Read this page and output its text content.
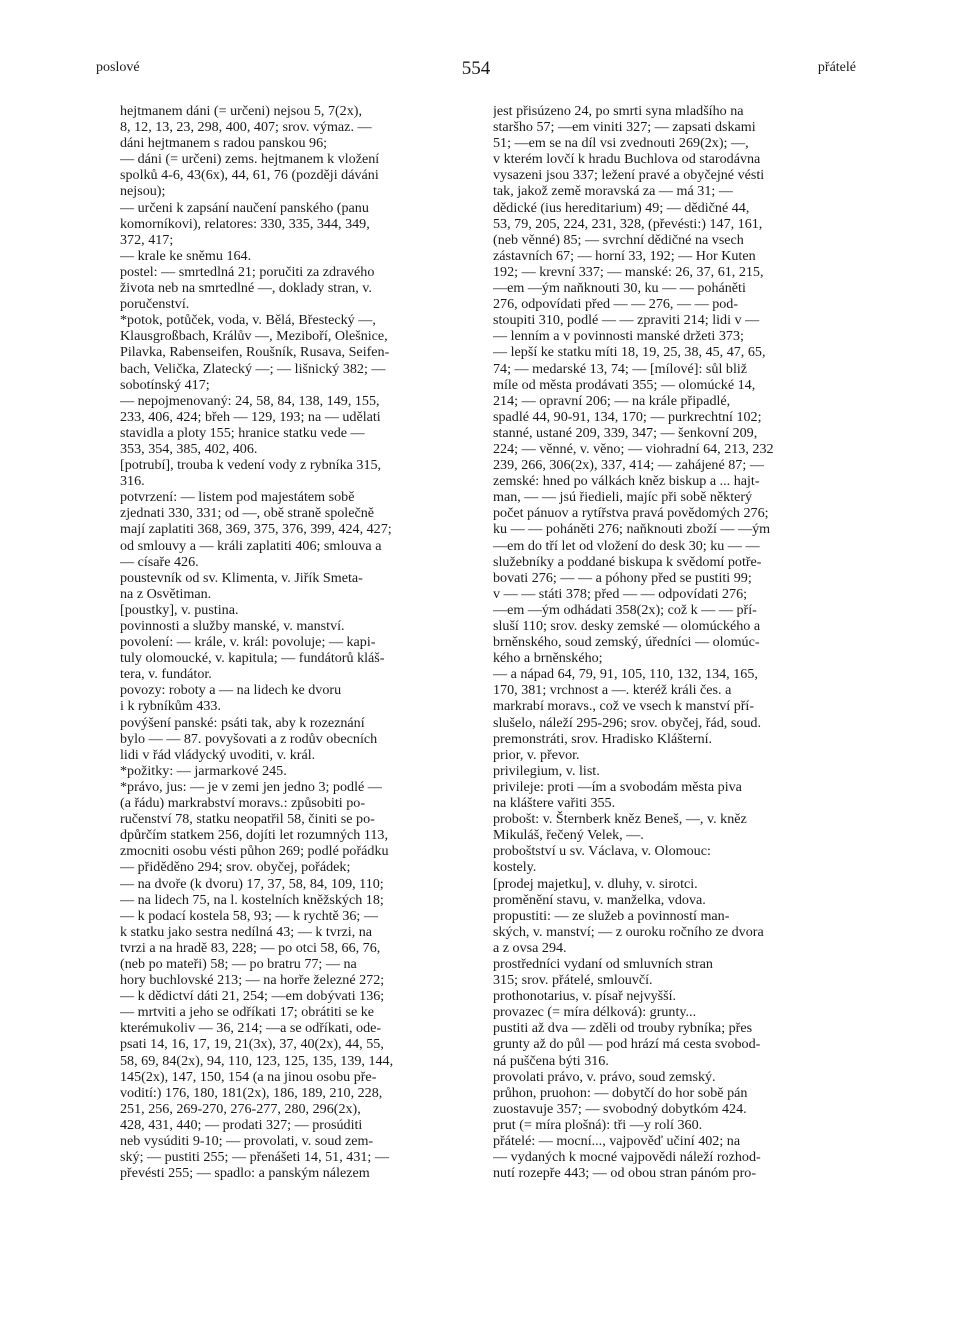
poslové	554	přátelé
hejtmanem dáni (= určeni) nejsou 5, 7(2x),
8, 12, 13, 23, 298, 400, 407; srov. výmaz. —
dáni hejtmanem s radou panskou 96;
— dáni (= určeni) zems. hejtmanem k vložení
spolků 4-6, 43(6x), 44, 61, 76 (později dáváni
nejsou);
— určeni k zapsání naučení panského (panu
komorníkovi), relatores: 330, 335, 344, 349,
372, 417;
— krale ke sněmu 164.
postel: — smrtedlná 21; poručiti za zdravého
života neb na smrtedlné —, doklady stran, v.
poručenství.
*potok, potůček, voda, v. Bělá, Břestecký —,
Klausgroßbach, Králův —, Meziboří, Olešnice,
Pilavka, Rabenseifen, Roušník, Rusava, Seifen-
bach, Velička, Zlatecký —; — lišnický 382; —
sobotínský 417;
— nepojmenovaný: 24, 58, 84, 138, 149, 155,
233, 406, 424; břeh — 129, 193; na — udělati
stavidla a ploty 155; hranice statku vede —
353, 354, 385, 402, 406.
[potrubí], trouba k vedení vody z rybníka 315,
316.
potvrzení: — listem pod majestátem sobě
zjednati 330, 331; od —, obě straně společně
mají zaplatiti 368, 369, 375, 376, 399, 424, 427;
od smlouvy a — králi zaplatiti 406; smlouva a
— císaře 426.
poustevník od sv. Klimenta, v. Jiřík Smeta-
na z Osvětiman.
[poustky], v. pustina.
povinnosti a služby manské, v. manství.
povolení: — krále, v. král: povoluje; — kapi-
tuly olomoucké, v. kapitula; — fundátorů kláš-
tera, v. fundátor.
povozy: roboty a — na lidech ke dvoru
i k rybníkům 433.
povýšení panské: psáti tak, aby k rozeznání
bylo — — 87. povyšovati a z rodův obecních
lidi v řád vládycký uvoditi, v. král.
*požitky: — jarmarkové 245.
*právo, jus: — je v zemi jen jedno 3; podlé —
(a řádu) markrabství moravs.: způsobiti po-
ručenství 78, statku neopatřil 58, činiti se po-
dpůrčím statkem 256, dojíti let rozumných 113,
zmocniti osobu vésti půhon 269; podlé pořádku
— přiděděno 294; srov. obyčej, pořádek;
— na dvoře (k dvoru) 17, 37, 58, 84, 109, 110;
— na lidech 75, na l. kostelních kněžských 18;
— k podací kostela 58, 93; — k rychtě 36; —
k statku jako sestra nedílná 43; — k tvrzi, na
tvrzi a na hradě 83, 228; — po otci 58, 66, 76,
(neb po mateři) 58; — po bratru 77; — na
hory buchlovské 213; — na horře železné 272;
— k dědictví dáti 21, 254; —em dobývati 136;
— mrtviti a jeho se odříkati 17; obrátiti se ke
kterémukoliv — 36, 214; —a se odříkati, ode-
psati 14, 16, 17, 19, 21(3x), 37, 40(2x), 44, 55,
58, 69, 84(2x), 94, 110, 123, 125, 135, 139, 144,
145(2x), 147, 150, 154 (a na jinou osobu pře-
vodití:) 176, 180, 181(2x), 186, 189, 210, 228,
251, 256, 269-270, 276-277, 280, 296(2x),
428, 431, 440; — prodati 327; — prosúditi
neb vysúditi 9-10; — provolati, v. soud zem-
ský; — pustiti 255; — přenášeti 14, 51, 431; —
převésti 255; — spadlo: a panským nálezem
jest přisúzeno 24, po smrti syna mladšího na
staršho 57; —em viniti 327; — zapsati dskami
51; —em se na díl vsi zvednouti 269(2x); —,
v kterém lovčí k hradu Buchlova od starodávna
vysazeni jsou 337; ležení pravé a obyčejné vésti
tak, jakož země moravská za — má 31; —
dědické (ius hereditarium) 49; — dědičné 44,
53, 79, 205, 224, 231, 328, (převésti:) 147, 161,
(neb věnné) 85; — svrchní dědičné na vsech
zástavních 67; — horní 33, 192; — Hor Kuten
192; — krevní 337; — manské: 26, 37, 61, 215,
—em —ým naňknouti 30, ku — — poháněti
276, odpovídati před — — 276, — — pod-
stoupiti 310, podlé — — zpraviti 214; lidi v —
— lenním a v povinnosti manské držeti 373;
— lepší ke statku míti 18, 19, 25, 38, 45, 47, 65,
74; — medarské 13, 74; — [mílové]: sůl bliž
míle od města prodávati 355; — olomúcké 14,
214; — opravní 206; — na krále připadlé,
spadlé 44, 90-91, 134, 170; — purkrechtní 102;
stanné, ustané 209, 339, 347; — šenkovní 209,
224; — věnné, v. věno; — viohradní 64, 213, 232
239, 266, 306(2x), 337, 414; — zahájené 87; —
zemské: hned po válkách kněz biskup a ... hajt-
man, — — jsú řiedieli, majíc při sobě některý
počet pánuov a rytířstva pravá povědomých 276;
ku — — poháněti 276; naňknouti zboží — —ým
—em do tří let od vložení do desk 30; ku — —
služebníky a poddané biskupa k svědomí potře-
bovati 276; — — a póhony před se pustiti 99;
v — — státi 378; před — — odpovídati 276;
—em —ým odhádati 358(2x); což k — — pří-
sluší 110; srov. desky zemské — olomúckého a
brněnského, soud zemský, úředníci — olomúc-
kého a brněnského;
— a nápad 64, 79, 91, 105, 110, 132, 134, 165,
170, 381; vrchnost a —. kteréž králi čes. a
markrabí moravs., což ve vsech k manství pří-
slušelo, náleží 295-296; srov. obyčej, řád, soud.
premonstráti, srov. Hradisko Klášterní.
prior, v. převor.
privilegium, v. list.
privileje: proti —ím a svobodám města piva
na kláštere vařiti 355.
probošt: v. Šternberk kněz Beneš, —, v. kněz
Mikuláš, řečený Velek, —.
proboštství u sv. Václava, v. Olomouc:
kostely.
[prodej majetku], v. dluhy, v. sirotci.
proměnění stavu, v. manželka, vdova.
propustiti: — ze služeb a povinností man-
ských, v. manství; — z ouroku ročního ze dvora
a z ovsa 294.
prostředníci vydaní od smluvních stran
315; srov. přátelé, smlouvčí.
prothonotarius, v. písař nejvyšší.
provazec (= míra délková): grunty...
pustiti až dva — zděli od trouby rybníka; přes
grunty až do půl — pod hrází má cesta svobod-
ná puščena býti 316.
provolati právo, v. právo, soud zemský.
průhon, pruohon: — dobytčí do hor sobě pán
zuostavuje 357; — svobodný dobytkóm 424.
prut (= míra plošná): tři —y rolí 360.
přátelé: — mocní..., vajpověď učiní 402; na
— vydaných k mocné vajpovědi náleží rozhod-
nutí rozepře 443; — od obou stran pánóm pro-
